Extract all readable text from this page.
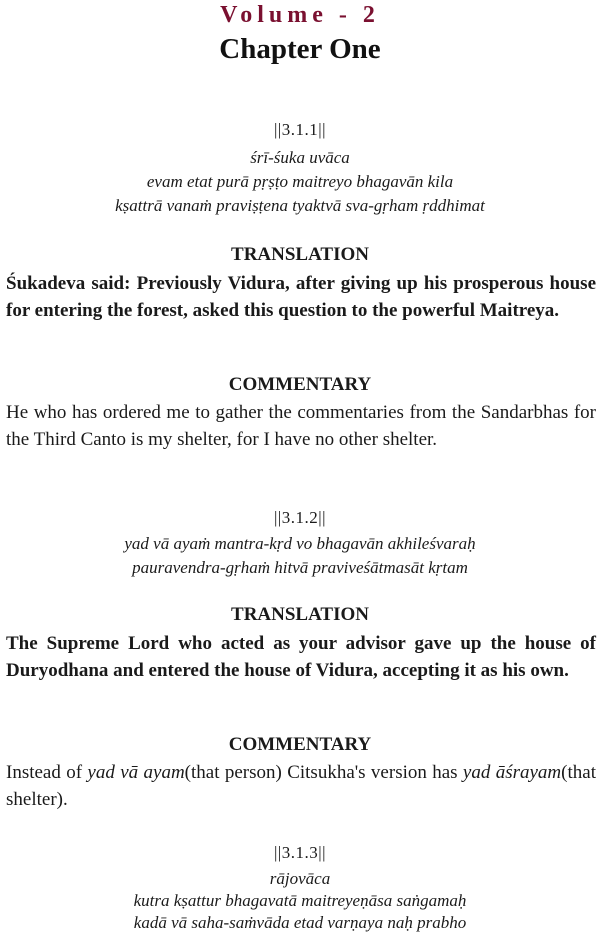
Volume - 2
Chapter One
||3.1.1||
śrī-śuka uvāca
evam etat purā pṛṣṭo maitreyo bhagavān kila
kṣattrā vanaṁ praviṣṭena tyaktvā sva-gṛham ṛddhimat
TRANSLATION
Śukadeva said: Previously Vidura, after giving up his prosperous house for entering the forest, asked this question to the powerful Maitreya.
COMMENTARY
He who has ordered me to gather the commentaries from the Sandarbhas for the Third Canto is my shelter, for I have no other shelter.
||3.1.2||
yad vā ayaṁ mantra-kṛd vo bhagavān akhileśvaraḥ
pauravendra-gṛhaṁ hitvā praviveśātmasāt kṛtam
TRANSLATION
The Supreme Lord who acted as your advisor gave up the house of Duryodhana and entered the house of Vidura, accepting it as his own.
COMMENTARY
Instead of yad vā ayam(that person) Citsukha's version has yad āśrayam(that shelter).
||3.1.3||
rājovāca
kutra kṣattur bhagavatā maitreyeṇāsa saṅgamaḥ
kadā vā saha-saṁvāda etad varṇaya naḥ prabho
